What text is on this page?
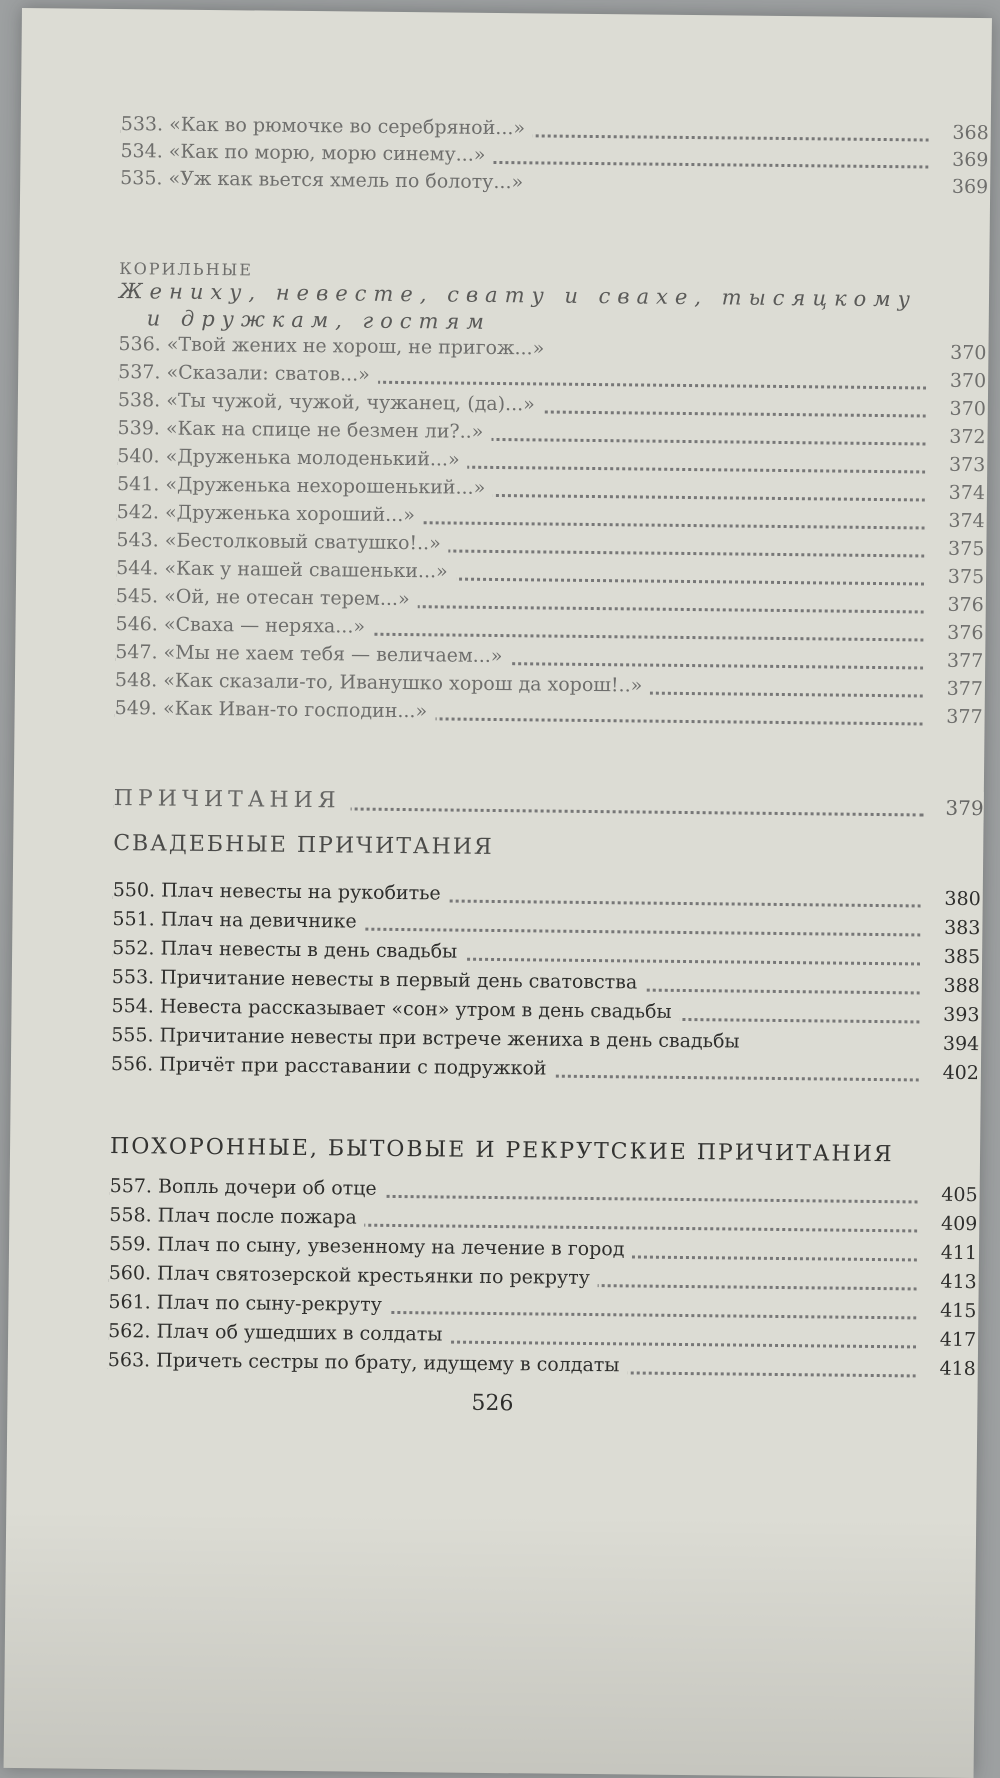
533. «Как во рюмочке во серебряной...»	368
534. «Как по морю, морю синему...»	369
535. «Уж как вьется хмель по болоту...»	369
КОРИЛЬНЫЕ
Жениху, невесте, свату и свахе, тысяцкому
и дружкам, гостям
536. «Твой жених не хорош, не пригож...»	370
537. «Сказали: сватов...»	370
538. «Ты чужой, чужой, чужанец, (да)...»	370
539. «Как на спице не безмен ли?..»	372
540. «Друженька молоденький...»	373
541. «Друженька нехорошенький...»	374
542. «Друженька хороший...»	374
543. «Бестолковый сватушко!..»	375
544. «Как у нашей свашеньки...»	375
545. «Ой, не отесан терем...»	376
546. «Сваха — неряха...»	376
547. «Мы не хаем тебя — величаем...»	377
548. «Как сказали-то, Иванушко хорош да хорош!..»	377
549. «Как Иван-то господин...»	377
ПРИЧИТАНИЯ	379
СВАДЕБНЫЕ ПРИЧИТАНИЯ
550. Плач невесты на рукобитье	380
551. Плач на девичнике	383
552. Плач невесты в день свадьбы	385
553. Причитание невесты в первый день сватовства	388
554. Невеста рассказывает «сон» утром в день свадьбы	393
555. Причитание невесты при встрече жениха в день свадьбы	394
556. Причёт при расставании с подружкой	402
ПОХОРОННЫЕ, БЫТОВЫЕ И РЕКРУТСКИЕ ПРИЧИТАНИЯ
557. Вопль дочери об отце	405
558. Плач после пожара	409
559. Плач по сыну, увезенному на лечение в город	411
560. Плач святозерской крестьянки по рекруту	413
561. Плач по сыну-рекруту	415
562. Плач об ушедших в солдаты	417
563. Причеть сестры по брату, идущему в солдаты	418
526
